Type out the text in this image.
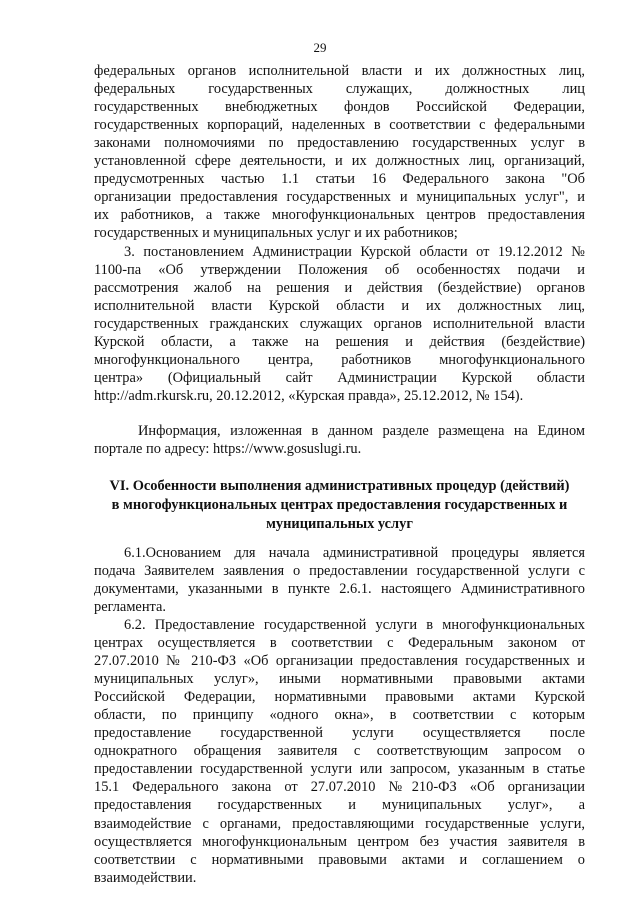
29
федеральных органов исполнительной власти и их должностных лиц,
федеральных государственных служащих, должностных лиц
государственных внебюджетных фондов Российской Федерации,
государственных корпораций, наделенных в соответствии с федеральными
законами полномочиями по предоставлению государственных услуг в
установленной сфере деятельности, и их должностных лиц, организаций,
предусмотренных частью 1.1 статьи 16 Федерального закона "Об
организации предоставления государственных и муниципальных услуг", и
их работников, а также многофункциональных центров предоставления
государственных и муниципальных услуг и их работников;
3. постановлением Администрации Курской области от 19.12.2012 №
1100-па «Об утверждении Положения об особенностях подачи и
рассмотрения жалоб на решения и действия (бездействие) органов
исполнительной власти Курской области и их должностных лиц,
государственных гражданских служащих органов исполнительной власти
Курской области, а также на решения и действия (бездействие)
многофункционального центра, работников многофункционального
центра» (Официальный сайт Администрации Курской области
http://adm.rkursk.ru, 20.12.2012, «Курская правда», 25.12.2012, № 154).
Информация, изложенная в данном разделе размещена на Едином
портале по адресу: https://www.gosuslugi.ru.
VI. Особенности выполнения административных процедур (действий)
в многофункциональных центрах предоставления государственных и
муниципальных услуг
6.1.Основанием для начала административной процедуры является
подача Заявителем заявления о предоставлении государственной услуги с
документами, указанными в пункте 2.6.1. настоящего Административного
регламента.
6.2. Предоставление государственной услуги в многофункциональных
центрах осуществляется в соответствии с Федеральным законом от
27.07.2010 № 210-ФЗ «Об организации предоставления государственных и
муниципальных услуг», иными нормативными правовыми актами
Российской Федерации, нормативными правовыми актами Курской
области, по принципу «одного окна», в соответствии с которым
предоставление государственной услуги осуществляется после
однократного обращения заявителя с соответствующим запросом о
предоставлении государственной услуги или запросом, указанным в статье
15.1 Федерального закона от 27.07.2010 №210-ФЗ «Об организации
предоставления государственных и муниципальных услуг», а
взаимодействие с органами, предоставляющими государственные услуги,
осуществляется многофункциональным центром без участия заявителя в
соответствии с нормативными правовыми актами и соглашением о
взаимодействии.
